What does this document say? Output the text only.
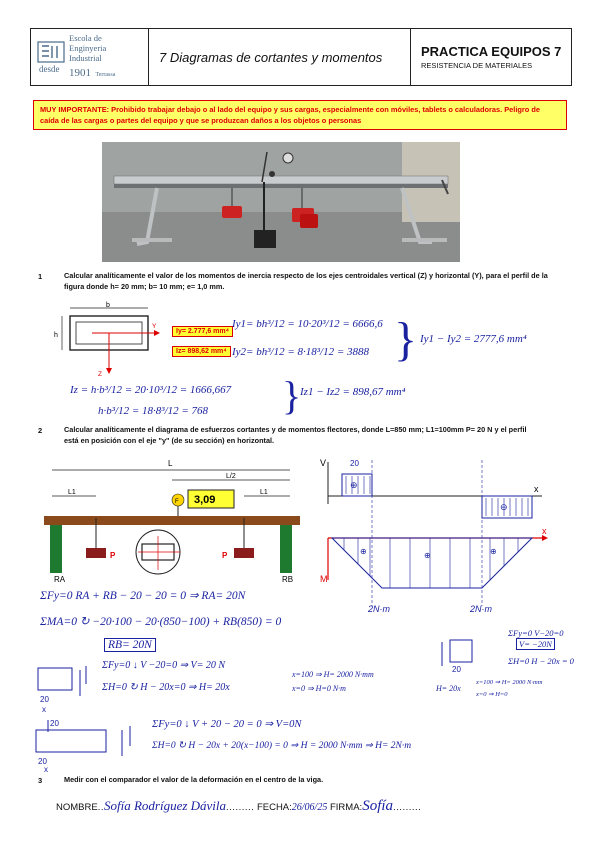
desde
Escola de
Enginyeria
Industrial
1901 Terrassa
7 Diagramas de cortantes y momentos	PRACTICA EQUIPOS 7
RESISTENCIA DE MATERIALES
MUY IMPORTANTE: Prohibido trabajar debajo o al lado del equipo y sus cargas, especialmente con móviles, tablets o calculadoras. Peligro de caída de las cargas o partes del equipo y que se produzcan daños a los objetos o personas
1	Calcular analíticamente el valor de los momentos de inercia respecto de los ejes centroidales vertical (Z) y horizontal (Y), para el perfil de la figura donde h= 20 mm; b= 10 mm; e= 1,0 mm.
b
h
Y
Z
Iy= 2.777,6 mm⁴
Iz= 898,62 mm⁴
Iy1= bh³/12 = 10·20³/12 = 6666,6
Iy2= bh³/12 = 8·18³/12 = 3888 } Iy1 − Iy2 = 2777,6 mm⁴
Iz = h·b³/12 = 20·10³/12 = 1666,667
h·b³/12 = 18·8³/12 = 768 }
Iz1 − Iz2 = 898,67 mm⁴
2	Calcular analíticamente el diagrama de esfuerzos cortantes y de momentos flectores, donde L=850 mm; L1=100mm P= 20 N y el perfil está en posición con el eje "y" (de su sección) en horizontal.
L
L/2
L1	L1
F 3,09
P	P
RA	RB
V
x
20
⊕
⊖
x
M
⊕	⊕	⊕
2N·m	2N·m
ΣFy=0 RA + RB − 20 − 20 = 0 ⇒ RA= 20N
ΣMA=0 ↻ −20·100 − 20·(850−100) + RB(850) = 0
RB= 20N
20
x
ΣFy=0 ↓ V −20=0 ⇒ V= 20 N
ΣH=0 ↻ H − 20x=0 ⇒ H= 20x
x=100 ⇒ H= 2000 N·mm
x=0 ⇒ H=0 N·m
20
ΣFy=0 V−20=0
V= −20N
ΣH=0 H − 20x = 0
H= 20x
x=100 ⇒ H= 2000 N·mm
x=0 ⇒ H=0
20
20
x
ΣFy=0 ↓ V + 20 − 20 = 0 ⇒ V=0N
ΣH=0 ↻ H − 20x + 20(x−100) = 0 ⇒ H = 2000 N·mm ⇒ H= 2N·m
3	Medir con el comparador el valor de la deformación en el centro de la viga.
NOMBRE..Sofía Rodríguez Dávila......... FECHA:26/06/25 FIRMA:Sofía.........
